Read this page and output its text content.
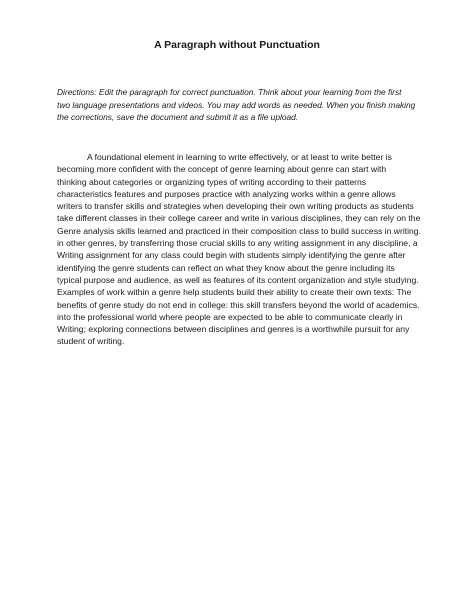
A Paragraph without Punctuation

Directions: Edit the paragraph for correct punctuation. Think about your learning from the first
two language presentations and videos. You may add words as needed. When you finish making
the corrections, save the document and submit it as a file upload.

A foundational element in learning to write effectively, or at least to write better is
becoming more confident with the concept of genre learning about genre can start with
thinking about categories or organizing types of writing according to their patterns
characteristics features and purposes practice with analyzing works within a genre allows
writers to transfer skills and strategies when developing their own writing products as students
take different classes in their college career and write in various disciplines, they can rely on the
Genre analysis skills learned and practiced in their composition class to build success in writing.
in other genres, by transferring those crucial skills to any writing assignment in any discipline, a
Writing assignment for any class could begin with students simply identifying the genre after
identifying the genre students can reflect on what they know about the genre including its
typical purpose and audience, as well as features of its content organization and style studying.
Examples of work within a genre help students build their ability to create their own texts: The
benefits of genre study do not end in college: this skill transfers beyond the world of academics.
into the professional world where people are expected to be able to communicate clearly in
Writing; exploring connections between disciplines and genres is a worthwhile pursuit for any
student of writing.
